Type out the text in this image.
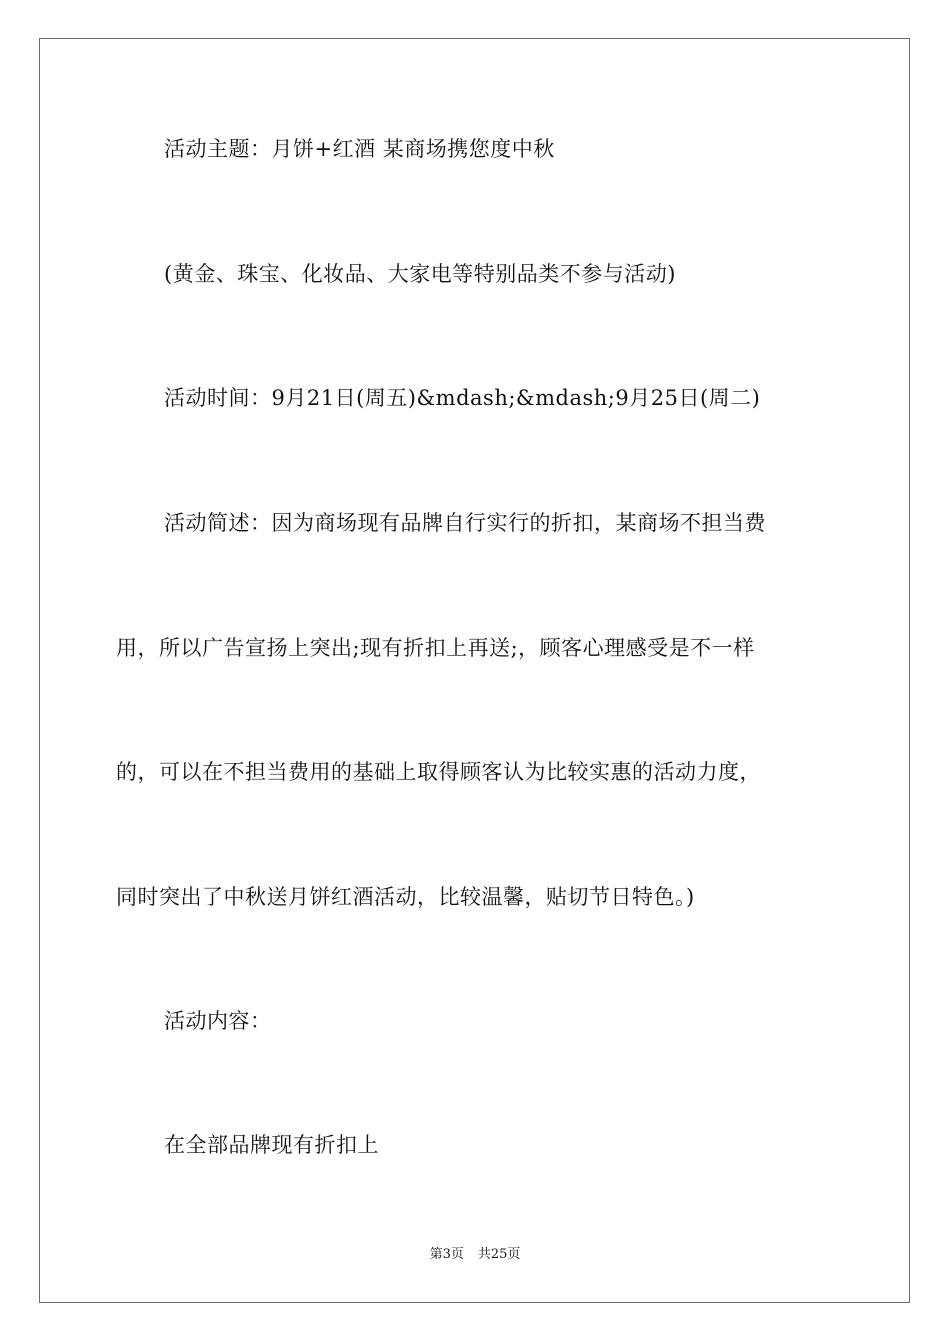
活动主题：月饼+红酒 某商场携您度中秋

(黄金、珠宝、化妆品、大家电等特别品类不参与活动)

活动时间：9月21日(周五)&mdash;&mdash;9月25日(周二)

活动简述：因为商场现有品牌自行实行的折扣，某商场不担当费

用，所以广告宣扬上突出;现有折扣上再送;，顾客心理感受是不一样

的，可以在不担当费用的基础上取得顾客认为比较实惠的活动力度，

同时突出了中秋送月饼红酒活动，比较温馨，贴切节日特色。)

活动内容：

在全部品牌现有折扣上

第3页 共25页
